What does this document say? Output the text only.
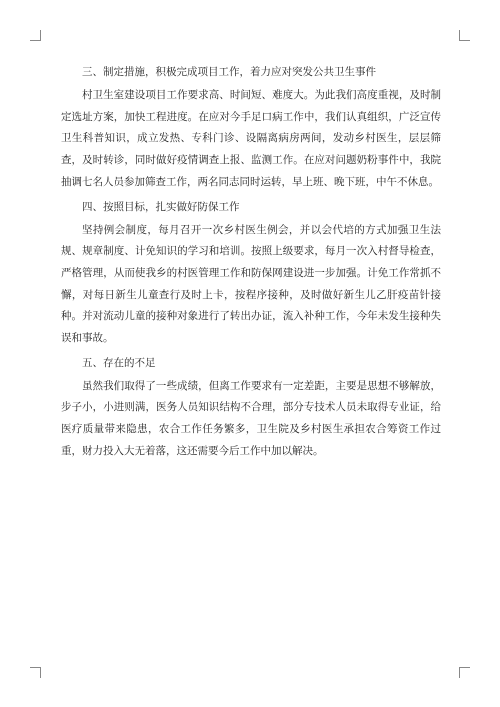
三、制定措施，积极完成项目工作，着力应对突发公共卫生事件
村卫生室建设项目工作要求高、时间短、难度大。为此我们高度重视，及时制定选址方案，加快工程进度。在应对今手足口病工作中，我们认真组织，广泛宣传卫生科普知识，成立发热、专科门诊、设隔离病房两间，发动乡村医生，层层筛查，及时转诊，同时做好疫情调查上报、监测工作。在应对问题奶粉事件中，我院抽调七名人员参加筛查工作，两名同志同时运转，早上班、晚下班，中午不休息。
四、按照目标，扎实做好防保工作
坚持例会制度，每月召开一次乡村医生例会，并以会代培的方式加强卫生法规、规章制度、计免知识的学习和培训。按照上级要求，每月一次入村督导检查，严格管理，从而使我乡的村医管理工作和防保网建设进一步加强。计免工作常抓不懈，对每日新生儿童查行及时上卡，按程序接种，及时做好新生儿乙肝疫苗针接种。并对流动儿童的接种对象进行了转出办证，流入补种工作，今年未发生接种失误和事故。
五、存在的不足
虽然我们取得了一些成绩，但离工作要求有一定差距，主要是思想不够解放，步子小，小进则满，医务人员知识结构不合理，部分专技术人员未取得专业证，给医疗质量带来隐患，农合工作任务繁多，卫生院及乡村医生承担农合筹资工作过重，财力投入大无着落，这还需要今后工作中加以解决。
